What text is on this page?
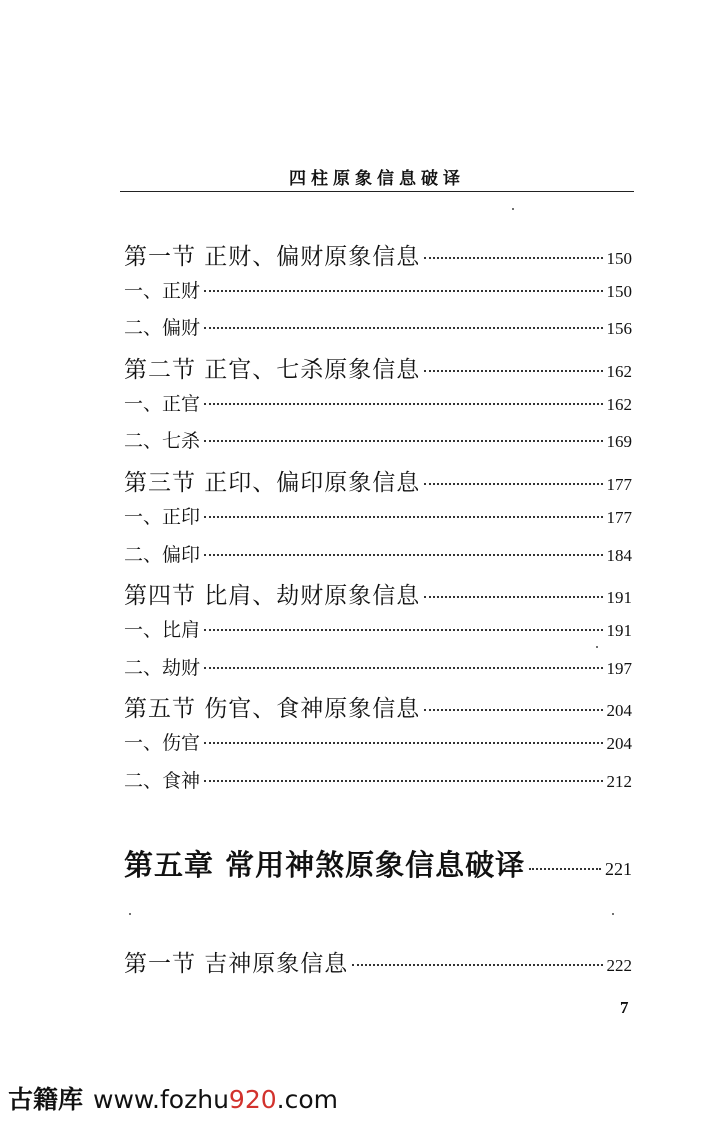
四柱原象信息破译
第一节 正财、偏财原象信息	150
一、正财	150
二、偏财	156
第二节 正官、七杀原象信息	162
一、正官	162
二、七杀	169
第三节 正印、偏印原象信息	177
一、正印	177
二、偏印	184
第四节 比肩、劫财原象信息	191
一、比肩	191
二、劫财	197
第五节 伤官、食神原象信息	204
一、伤官	204
二、食神	212
第五章 常用神煞原象信息破译	221
第一节 吉神原象信息	222
7
古籍库 www.fozhu920.com
